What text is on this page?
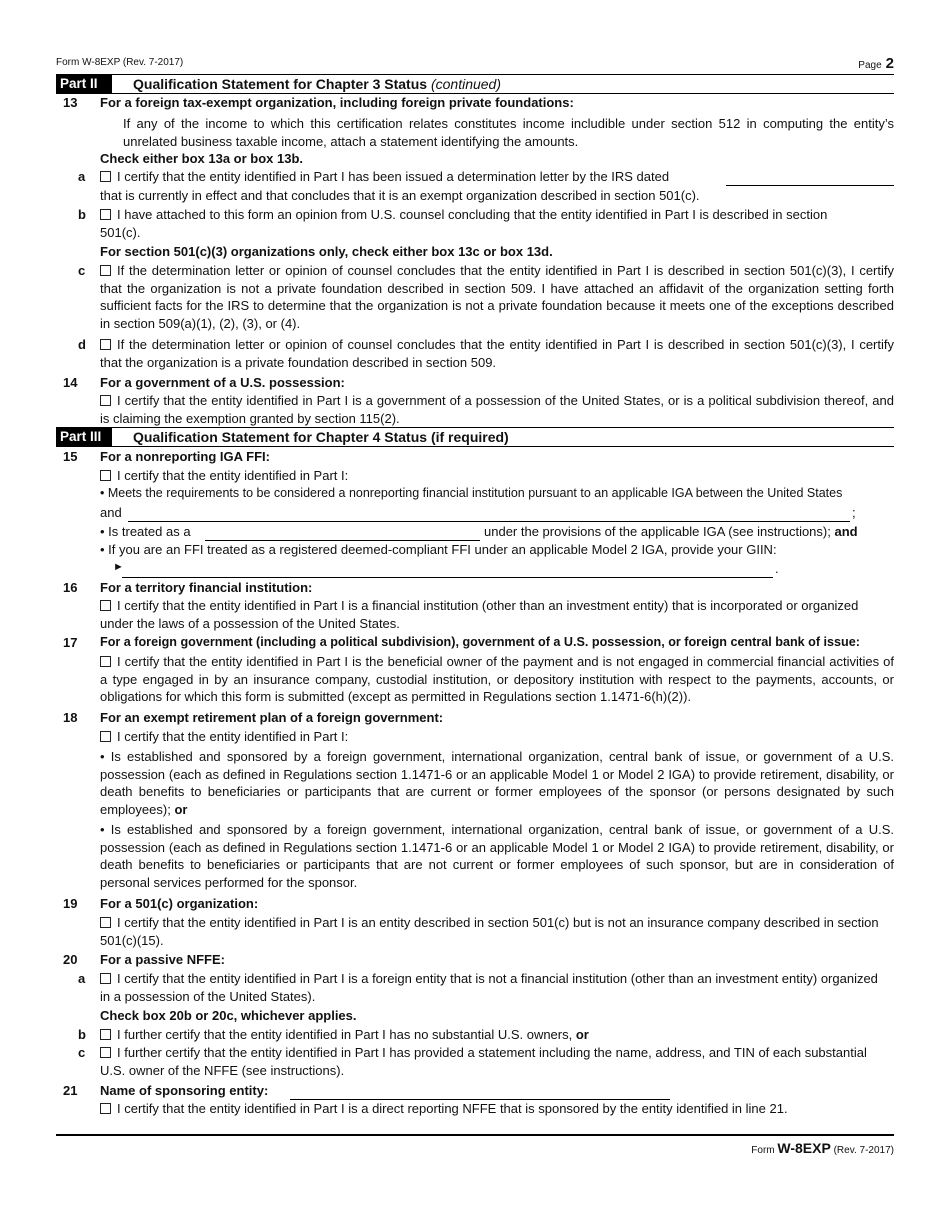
Form W-8EXP (Rev. 7-2017)	Page 2
Part II	Qualification Statement for Chapter 3 Status (continued)
13 For a foreign tax-exempt organization, including foreign private foundations:
If any of the income to which this certification relates constitutes income includible under section 512 in computing the entity’s unrelated business taxable income, attach a statement identifying the amounts.
Check either box 13a or box 13b.
a	I certify that the entity identified in Part I has been issued a determination letter by the IRS dated
that is currently in effect and that concludes that it is an exempt organization described in section 501(c).
b	I have attached to this form an opinion from U.S. counsel concluding that the entity identified in Part I is described in section 501(c).
For section 501(c)(3) organizations only, check either box 13c or box 13d.
c	If the determination letter or opinion of counsel concludes that the entity identified in Part I is described in section 501(c)(3), I certify that the organization is not a private foundation described in section 509. I have attached an affidavit of the organization setting forth sufficient facts for the IRS to determine that the organization is not a private foundation because it meets one of the exceptions described in section 509(a)(1), (2), (3), or (4).
d	If the determination letter or opinion of counsel concludes that the entity identified in Part I is described in section 501(c)(3), I certify that the organization is a private foundation described in section 509.
14 For a government of a U.S. possession:
I certify that the entity identified in Part I is a government of a possession of the United States, or is a political subdivision thereof, and is claiming the exemption granted by section 115(2).
Part III	Qualification Statement for Chapter 4 Status (if required)
15 For a nonreporting IGA FFI:
I certify that the entity identified in Part I:
• Meets the requirements to be considered a nonreporting financial institution pursuant to an applicable IGA between the United States
and	;
• Is treated as a	under the provisions of the applicable IGA (see instructions); and
• If you are an FFI treated as a registered deemed-compliant FFI under an applicable Model 2 IGA, provide your GIIN:
►	.
16 For a territory financial institution:
I certify that the entity identified in Part I is a financial institution (other than an investment entity) that is incorporated or organized under the laws of a possession of the United States.
17 For a foreign government (including a political subdivision), government of a U.S. possession, or foreign central bank of issue:
I certify that the entity identified in Part I is the beneficial owner of the payment and is not engaged in commercial financial activities of a type engaged in by an insurance company, custodial institution, or depository institution with respect to the payments, accounts, or obligations for which this form is submitted (except as permitted in Regulations section 1.1471-6(h)(2)).
18 For an exempt retirement plan of a foreign government:
I certify that the entity identified in Part I:
• Is established and sponsored by a foreign government, international organization, central bank of issue, or government of a U.S. possession (each as defined in Regulations section 1.1471-6 or an applicable Model 1 or Model 2 IGA) to provide retirement, disability, or death benefits to beneficiaries or participants that are current or former employees of the sponsor (or persons designated by such employees); or
• Is established and sponsored by a foreign government, international organization, central bank of issue, or government of a U.S. possession (each as defined in Regulations section 1.1471-6 or an applicable Model 1 or Model 2 IGA) to provide retirement, disability, or death benefits to beneficiaries or participants that are not current or former employees of such sponsor, but are in consideration of personal services performed for the sponsor.
19 For a 501(c) organization:
I certify that the entity identified in Part I is an entity described in section 501(c) but is not an insurance company described in section 501(c)(15).
20 For a passive NFFE:
a	I certify that the entity identified in Part I is a foreign entity that is not a financial institution (other than an investment entity) organized in a possession of the United States).
Check box 20b or 20c, whichever applies.
b	I further certify that the entity identified in Part I has no substantial U.S. owners, or
c	I further certify that the entity identified in Part I has provided a statement including the name, address, and TIN of each substantial U.S. owner of the NFFE (see instructions).
21 Name of sponsoring entity:
I certify that the entity identified in Part I is a direct reporting NFFE that is sponsored by the entity identified in line 21.
Form W-8EXP (Rev. 7-2017)
